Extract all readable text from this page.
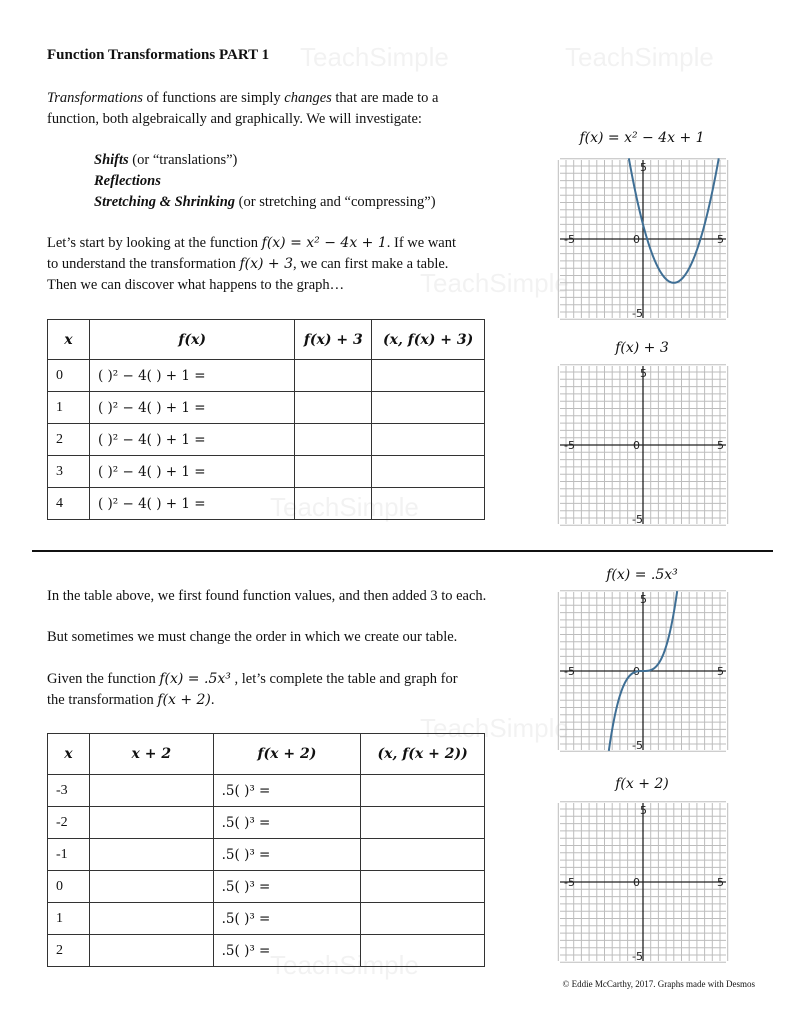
TeachSimple	TeachSimple
TeachSimple
TeachSimple
TeachSimple
TeachSimple
Function Transformations PART 1
Transformations of functions are simply changes that are made to a
function, both algebraically and graphically. We will investigate:
Shifts (or “translations”)
Reflections
Stretching & Shrinking (or stretching and “compressing”)
Let’s start by looking at the function f(x) = x² − 4x + 1. If we want
to understand the transformation f(x) + 3, we can first make a table.
Then we can discover what happens to the graph…
x	f(x)	f(x) + 3	(x, f(x) + 3)
0	( )² − 4( ) + 1 =		
1	( )² − 4( ) + 1 =		
2	( )² − 4( ) + 1 =		
3	( )² − 4( ) + 1 =		
4	( )² − 4( ) + 1 =		
In the table above, we first found function values, and then added 3 to each.
But sometimes we must change the order in which we create our table.
Given the function f(x) = .5x³ , let’s complete the table and graph for
the transformation f(x + 2).
x	x + 2	f(x + 2)	(x, f(x + 2))
-3		.5( )³ =	
-2		.5( )³ =	
-1		.5( )³ =	
0		.5( )³ =	
1		.5( )³ =	
2		.5( )³ =	
f(x) = x² − 4x + 1
f(x) + 3
f(x) = .5x³
f(x + 2)
-5	0	5
5
-5
-5	0	5
5
-5
-5	0	5
5
-5
-5	0	5
5
-5
© Eddie McCarthy, 2017. Graphs made with Desmos
